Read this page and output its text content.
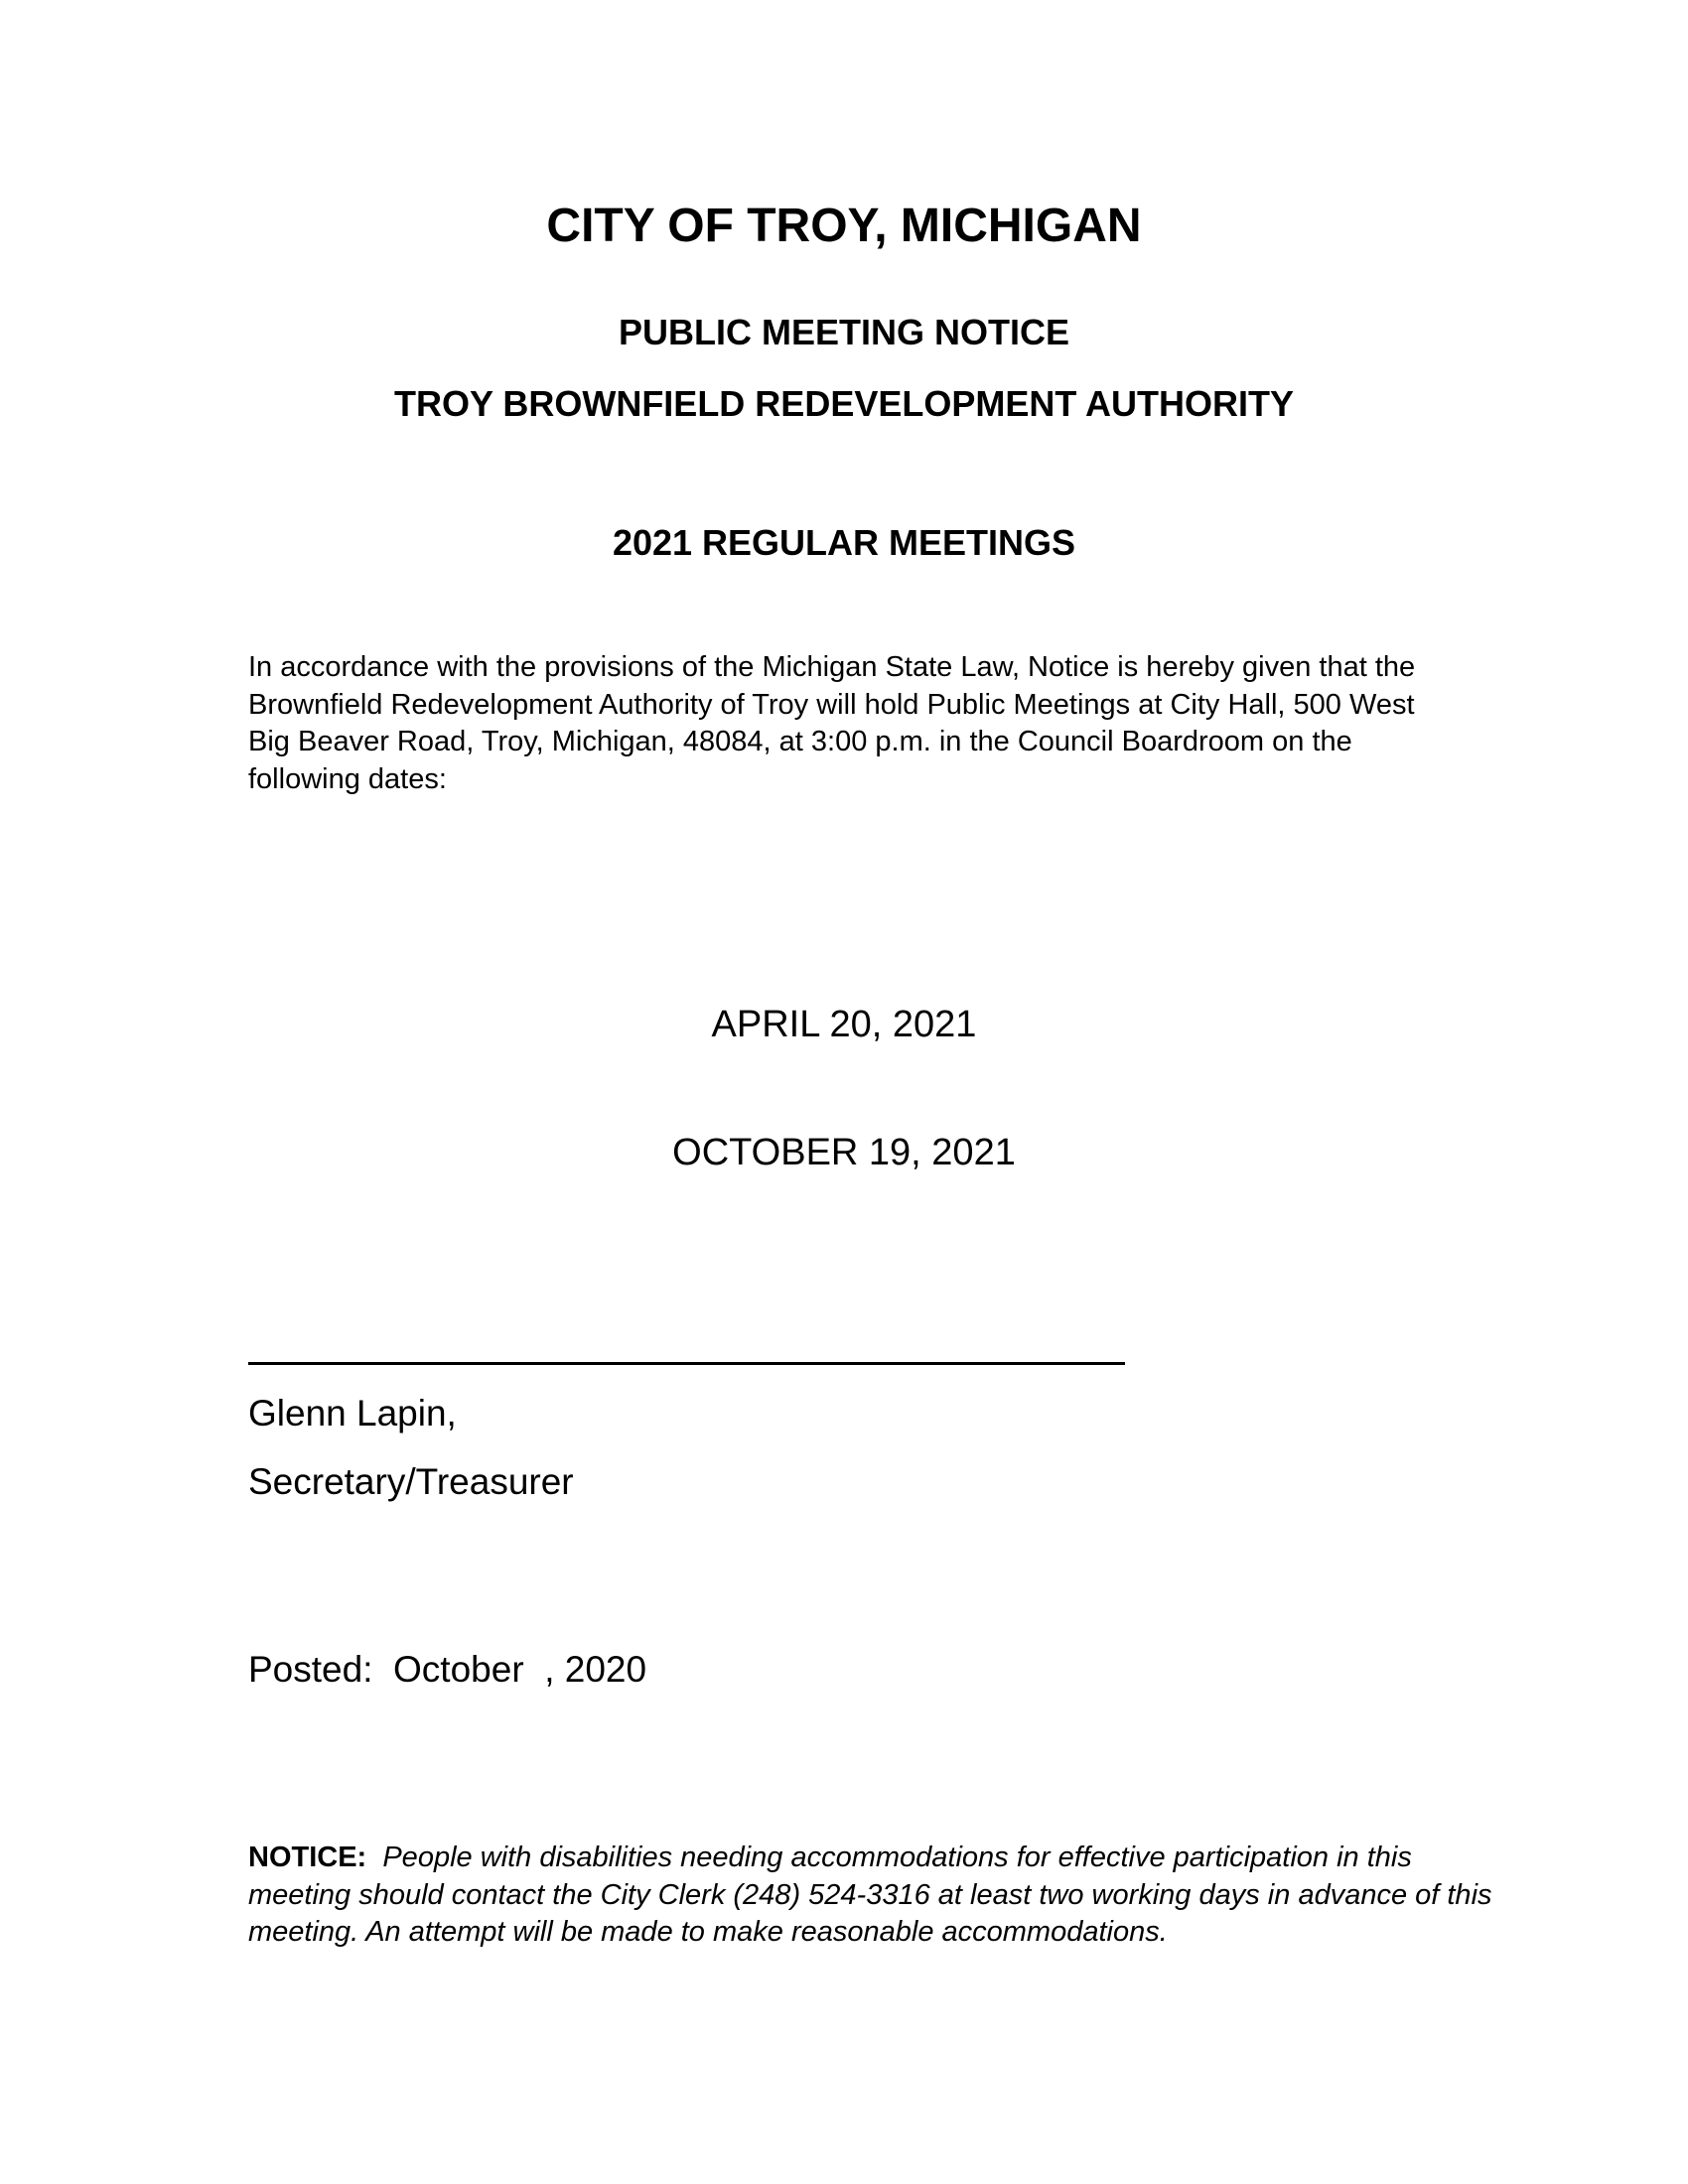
CITY OF TROY, MICHIGAN
PUBLIC MEETING NOTICE
TROY BROWNFIELD REDEVELOPMENT AUTHORITY
2021 REGULAR MEETINGS
In accordance with the provisions of the Michigan State Law, Notice is hereby given that the Brownfield Redevelopment Authority of Troy will hold Public Meetings at City Hall, 500 West Big Beaver Road, Troy, Michigan, 48084, at 3:00 p.m. in the Council Boardroom on the following dates:
APRIL 20, 2021
OCTOBER 19, 2021
Glenn Lapin,
Secretary/Treasurer
Posted:  October  , 2020
NOTICE: People with disabilities needing accommodations for effective participation in this meeting should contact the City Clerk (248) 524-3316 at least two working days in advance of this meeting. An attempt will be made to make reasonable accommodations.
